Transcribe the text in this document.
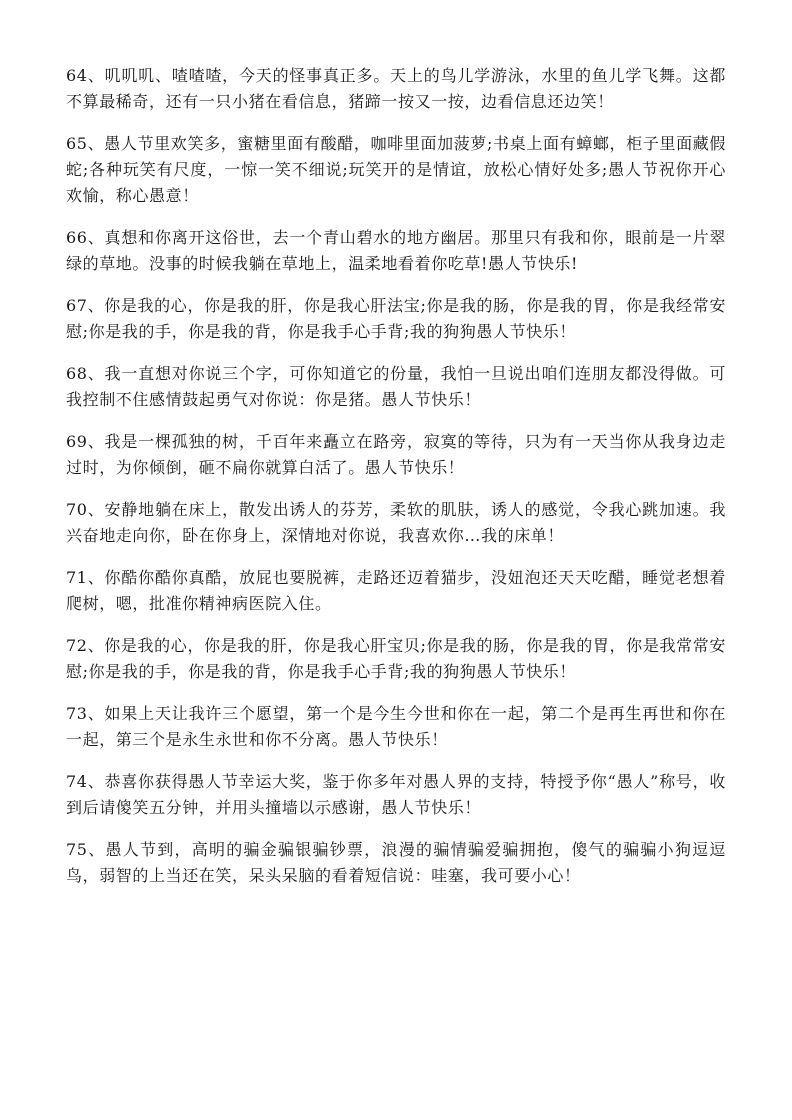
64、叽叽叽、喳喳喳，今天的怪事真正多。天上的鸟儿学游泳，水里的鱼儿学飞舞。这都不算最稀奇，还有一只小猪在看信息，猪蹄一按又一按，边看信息还边笑！

65、愚人节里欢笑多，蜜糖里面有酸醋，咖啡里面加菠萝;书桌上面有蟑螂，柜子里面藏假蛇;各种玩笑有尺度，一惊一笑不细说;玩笑开的是情谊，放松心情好处多;愚人节祝你开心欢愉，称心愚意！

66、真想和你离开这俗世，去一个青山碧水的地方幽居。那里只有我和你，眼前是一片翠绿的草地。没事的时候我躺在草地上，温柔地看着你吃草!愚人节快乐!

67、你是我的心，你是我的肝，你是我心肝法宝;你是我的肠，你是我的胃，你是我经常安慰;你是我的手，你是我的背，你是我手心手背;我的狗狗愚人节快乐！

68、我一直想对你说三个字，可你知道它的份量，我怕一旦说出咱们连朋友都没得做。可我控制不住感情鼓起勇气对你说：你是猪。愚人节快乐！

69、我是一棵孤独的树，千百年来矗立在路旁，寂寞的等待，只为有一天当你从我身边走过时，为你倾倒，砸不扁你就算白活了。愚人节快乐！

70、安静地躺在床上，散发出诱人的芬芳，柔软的肌肤，诱人的感觉，令我心跳加速。我兴奋地走向你，卧在你身上，深情地对你说，我喜欢你…我的床单！

71、你酷你酷你真酷，放屁也要脱裤，走路还迈着猫步，没妞泡还天天吃醋，睡觉老想着爬树，嗯，批准你精神病医院入住。

72、你是我的心，你是我的肝，你是我心肝宝贝;你是我的肠，你是我的胃，你是我常常安慰;你是我的手，你是我的背，你是我手心手背;我的狗狗愚人节快乐！

73、如果上天让我许三个愿望，第一个是今生今世和你在一起，第二个是再生再世和你在一起，第三个是永生永世和你不分离。愚人节快乐！

74、恭喜你获得愚人节幸运大奖，鉴于你多年对愚人界的支持，特授予你“愚人”称号，收到后请傻笑五分钟，并用头撞墙以示感谢，愚人节快乐！

75、愚人节到，高明的骗金骗银骗钞票，浪漫的骗情骗爱骗拥抱，傻气的骗骗小狗逗逗鸟，弱智的上当还在笑，呆头呆脑的看着短信说：哇塞，我可要小心！
